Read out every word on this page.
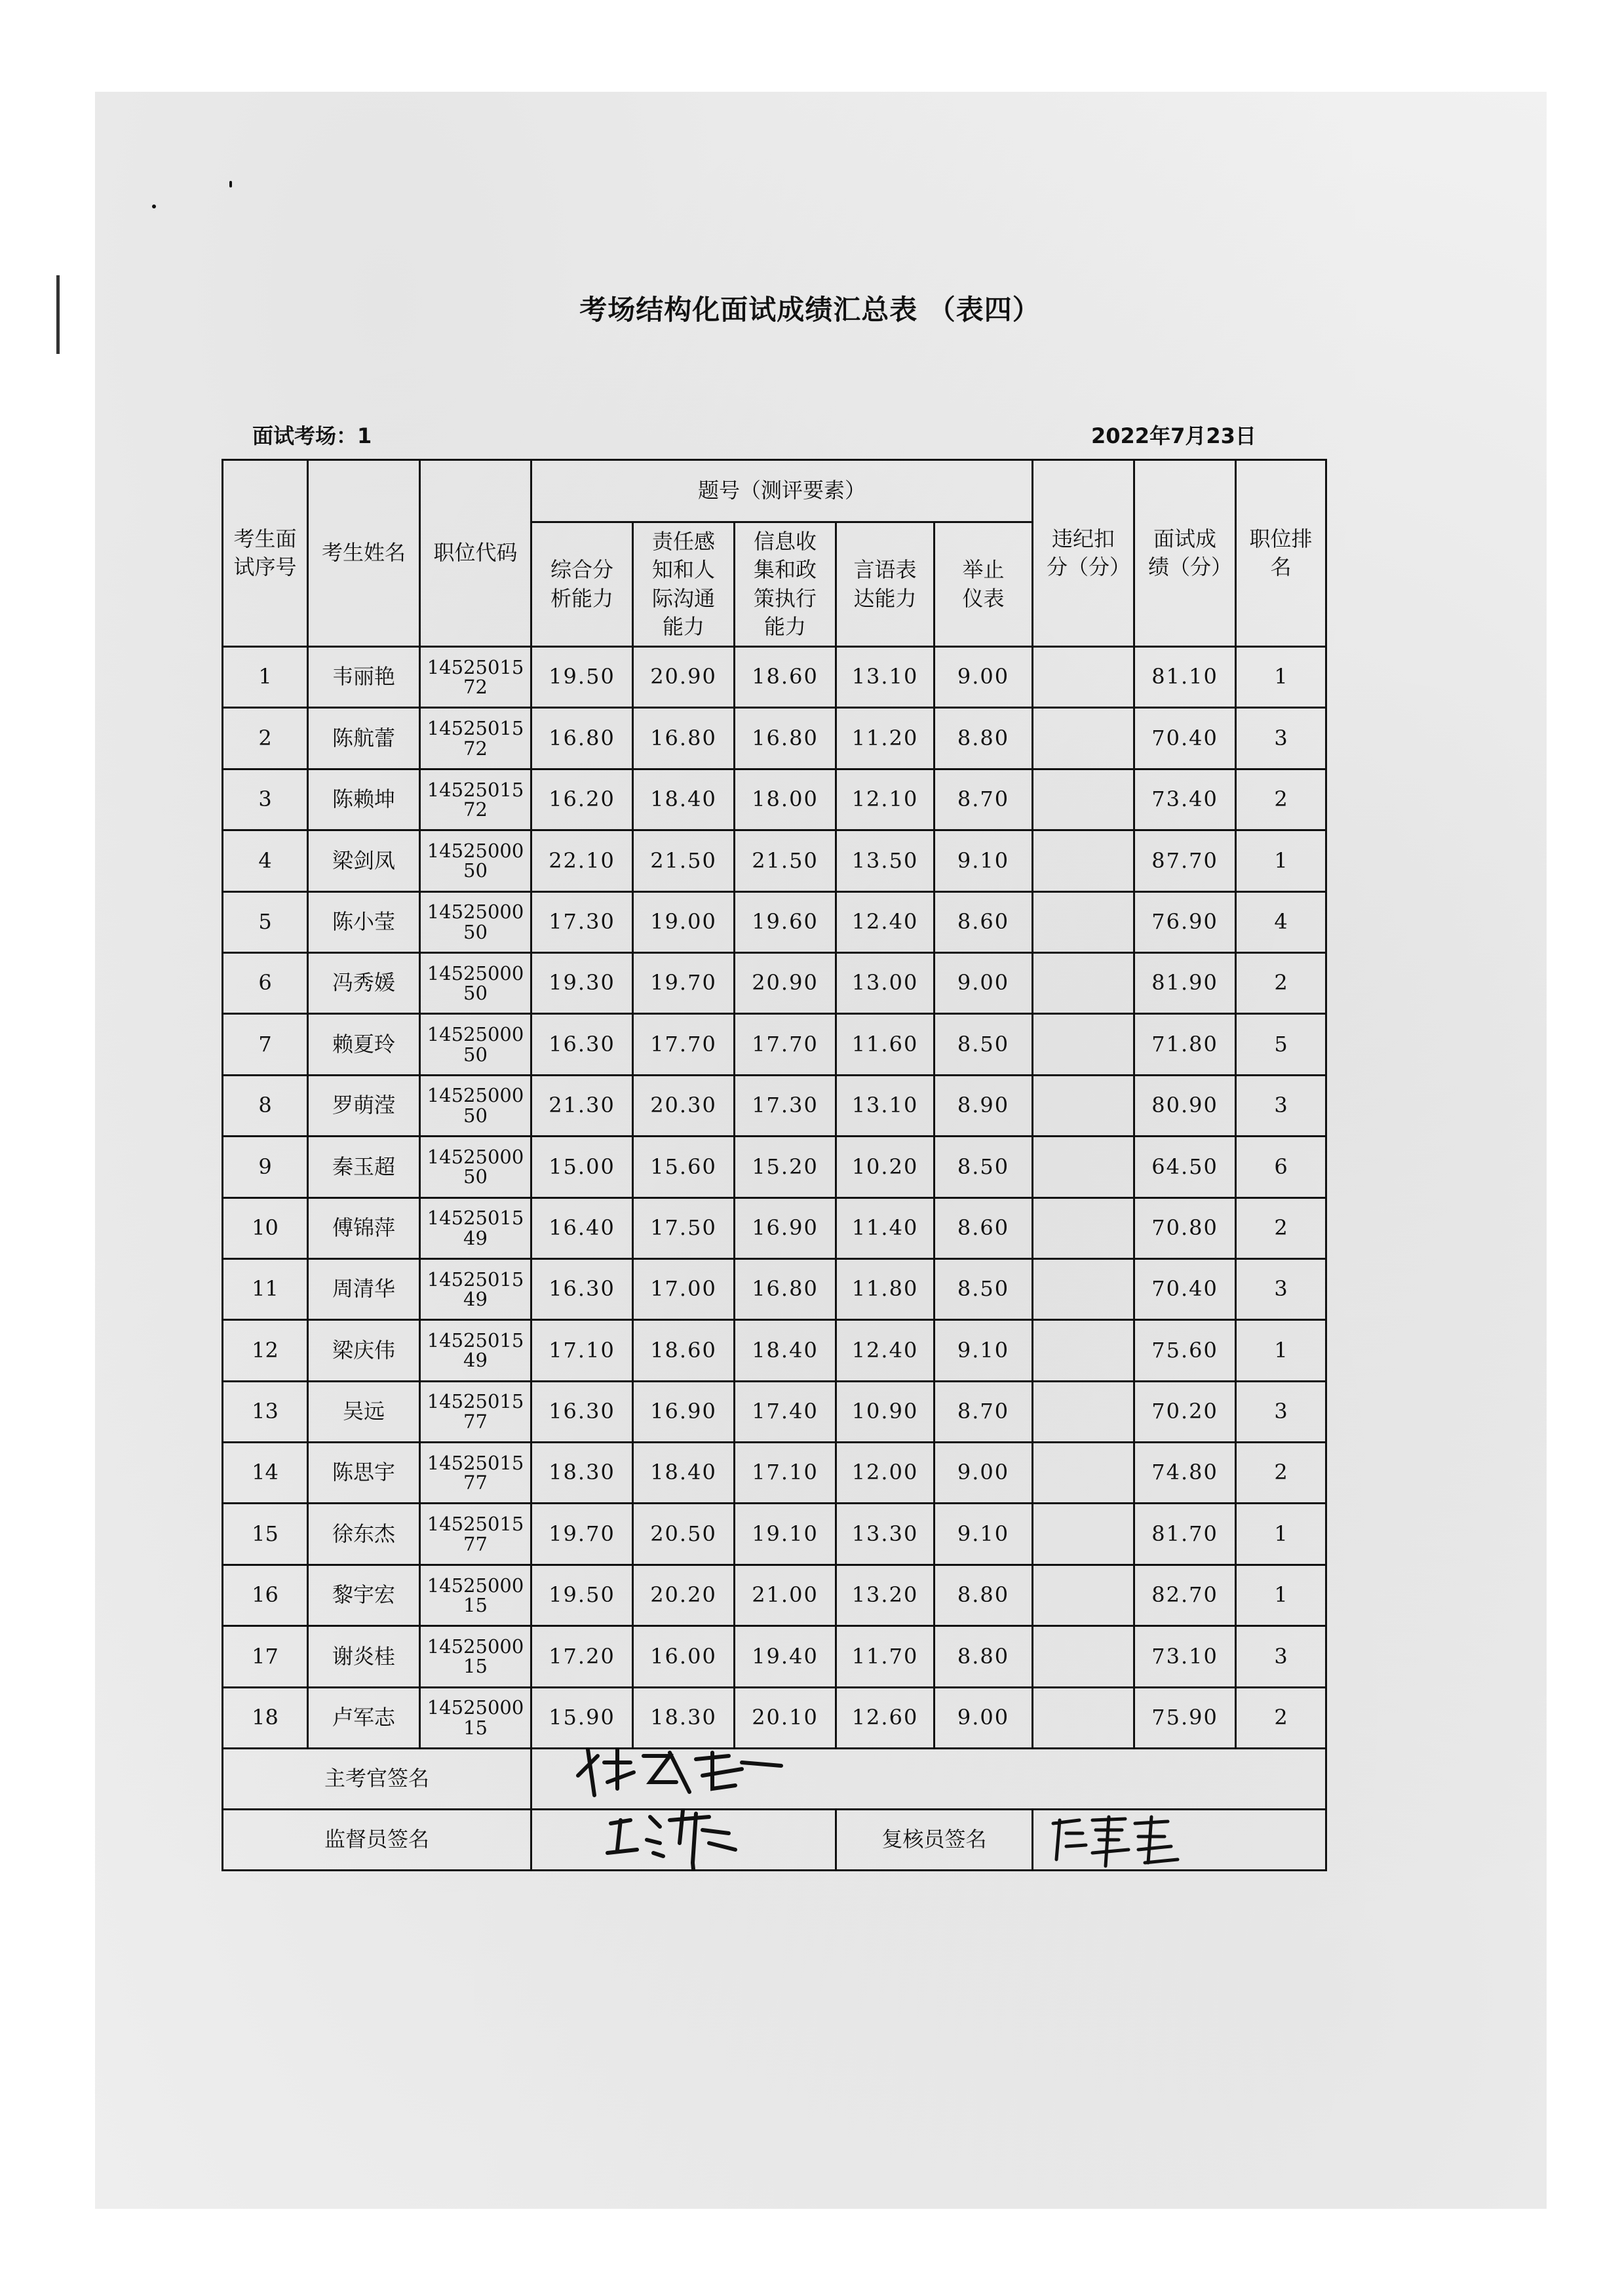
考场结构化面试成绩汇总表 （表四）
面试考场：1	2022年7月23日
考生面试序号	考生姓名	职位代码	题号（测评要素）					违纪扣分（分）	面试成绩（分）	职位排名

			综合分析能力	责任感知和人际沟通能力	信息收集和政策执行能力	言语表达能力	举止仪表			

1	韦丽艳	1452501572	19.50	20.90	18.60	13.10	9.00		81.10	1
2	陈航蕾	1452501572	16.80	16.80	16.80	11.20	8.80		70.40	3
3	陈赖坤	1452501572	16.20	18.40	18.00	12.10	8.70		73.40	2
4	梁剑凤	1452500050	22.10	21.50	21.50	13.50	9.10		87.70	1
5	陈小莹	1452500050	17.30	19.00	19.60	12.40	8.60		76.90	4
6	冯秀媛	1452500050	19.30	19.70	20.90	13.00	9.00		81.90	2
7	赖夏玲	1452500050	16.30	17.70	17.70	11.60	8.50		71.80	5
8	罗萌滢	1452500050	21.30	20.30	17.30	13.10	8.90		80.90	3
9	秦玉超	1452500050	15.00	15.60	15.20	10.20	8.50		64.50	6
10	傅锦萍	1452501549	16.40	17.50	16.90	11.40	8.60		70.80	2
11	周清华	1452501549	16.30	17.00	16.80	11.80	8.50		70.40	3
12	梁庆伟	1452501549	17.10	18.60	18.40	12.40	9.10		75.60	1
13	吴远	1452501577	16.30	16.90	17.40	10.90	8.70		70.20	3
14	陈思宇	1452501577	18.30	18.40	17.10	12.00	9.00		74.80	2
15	徐东杰	1452501577	19.70	20.50	19.10	13.30	9.10		81.70	1
16	黎宇宏	1452500015	19.50	20.20	21.00	13.20	8.80		82.70	1
17	谢炎桂	1452500015	17.20	16.00	19.40	11.70	8.80		73.10	3
18	卢军志	1452500015	15.90	18.30	20.10	12.60	9.00		75.90	2
主考官签名	

监督员签名						复核员签名	
